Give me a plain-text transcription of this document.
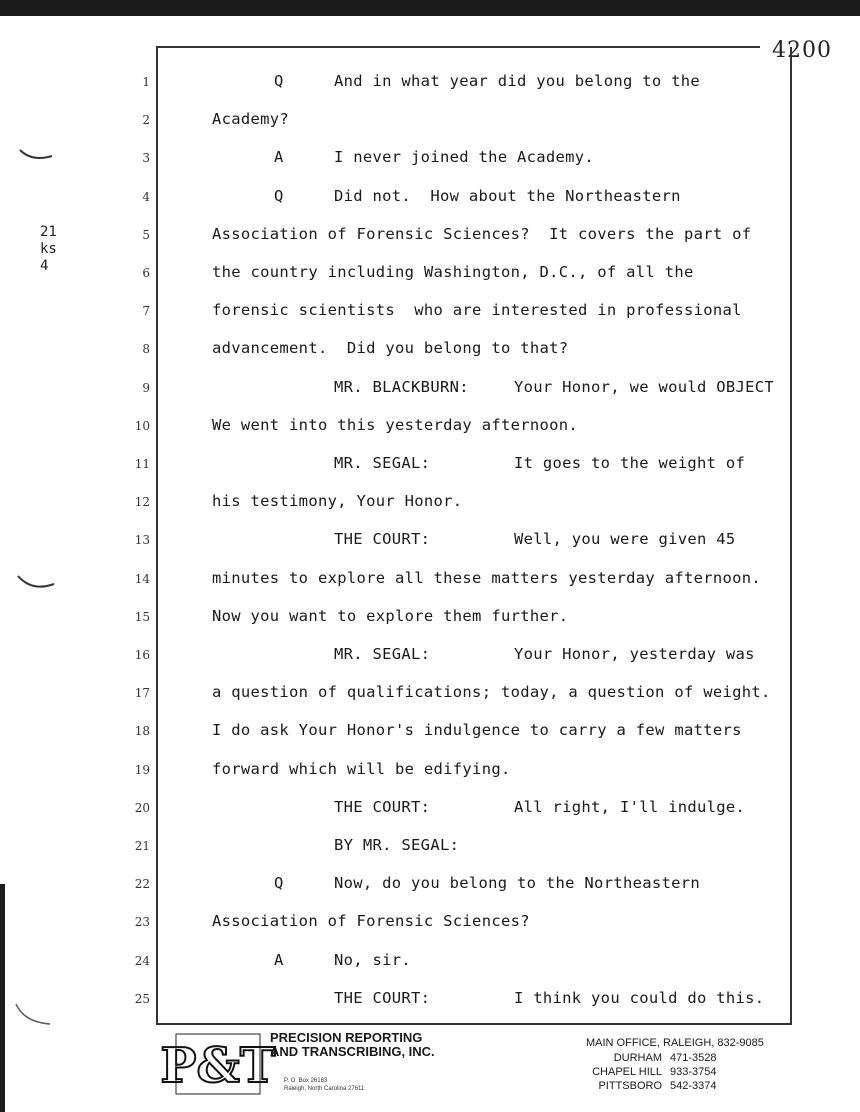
4200
21
ks
4
1	Q	And in what year did you belong to the
2	Academy?
3	A	I never joined the Academy.
4	Q	Did not.  How about the Northeastern
5	Association of Forensic Sciences?  It covers the part of
6	the country including Washington, D.C., of all the
7	forensic scientists  who are interested in professional
8	advancement.  Did you belong to that?
9	MR. BLACKBURN:	Your Honor, we would OBJECT
10	We went into this yesterday afternoon.
11	MR. SEGAL:	It goes to the weight of
12	his testimony, Your Honor.
13	THE COURT:	Well, you were given 45
14	minutes to explore all these matters yesterday afternoon.
15	Now you want to explore them further.
16	MR. SEGAL:	Your Honor, yesterday was
17	a question of qualifications; today, a question of weight.
18	I do ask Your Honor's indulgence to carry a few matters
19	forward which will be edifying.
20	THE COURT:	All right, I'll indulge.
21	BY MR. SEGAL:
22	Q	Now, do you belong to the Northeastern
23	Association of Forensic Sciences?
24	A	No, sir.
25	THE COURT:	I think you could do this.
P&T
PRECISION REPORTING
AND TRANSCRIBING, INC.
P. O. Box 26163
Raleigh, North Carolina 27611
MAIN OFFICE, RALEIGH, 832-9085
DURHAM 471-3528
CHAPEL HILL 933-3754
PITTSBORO 542-3374
